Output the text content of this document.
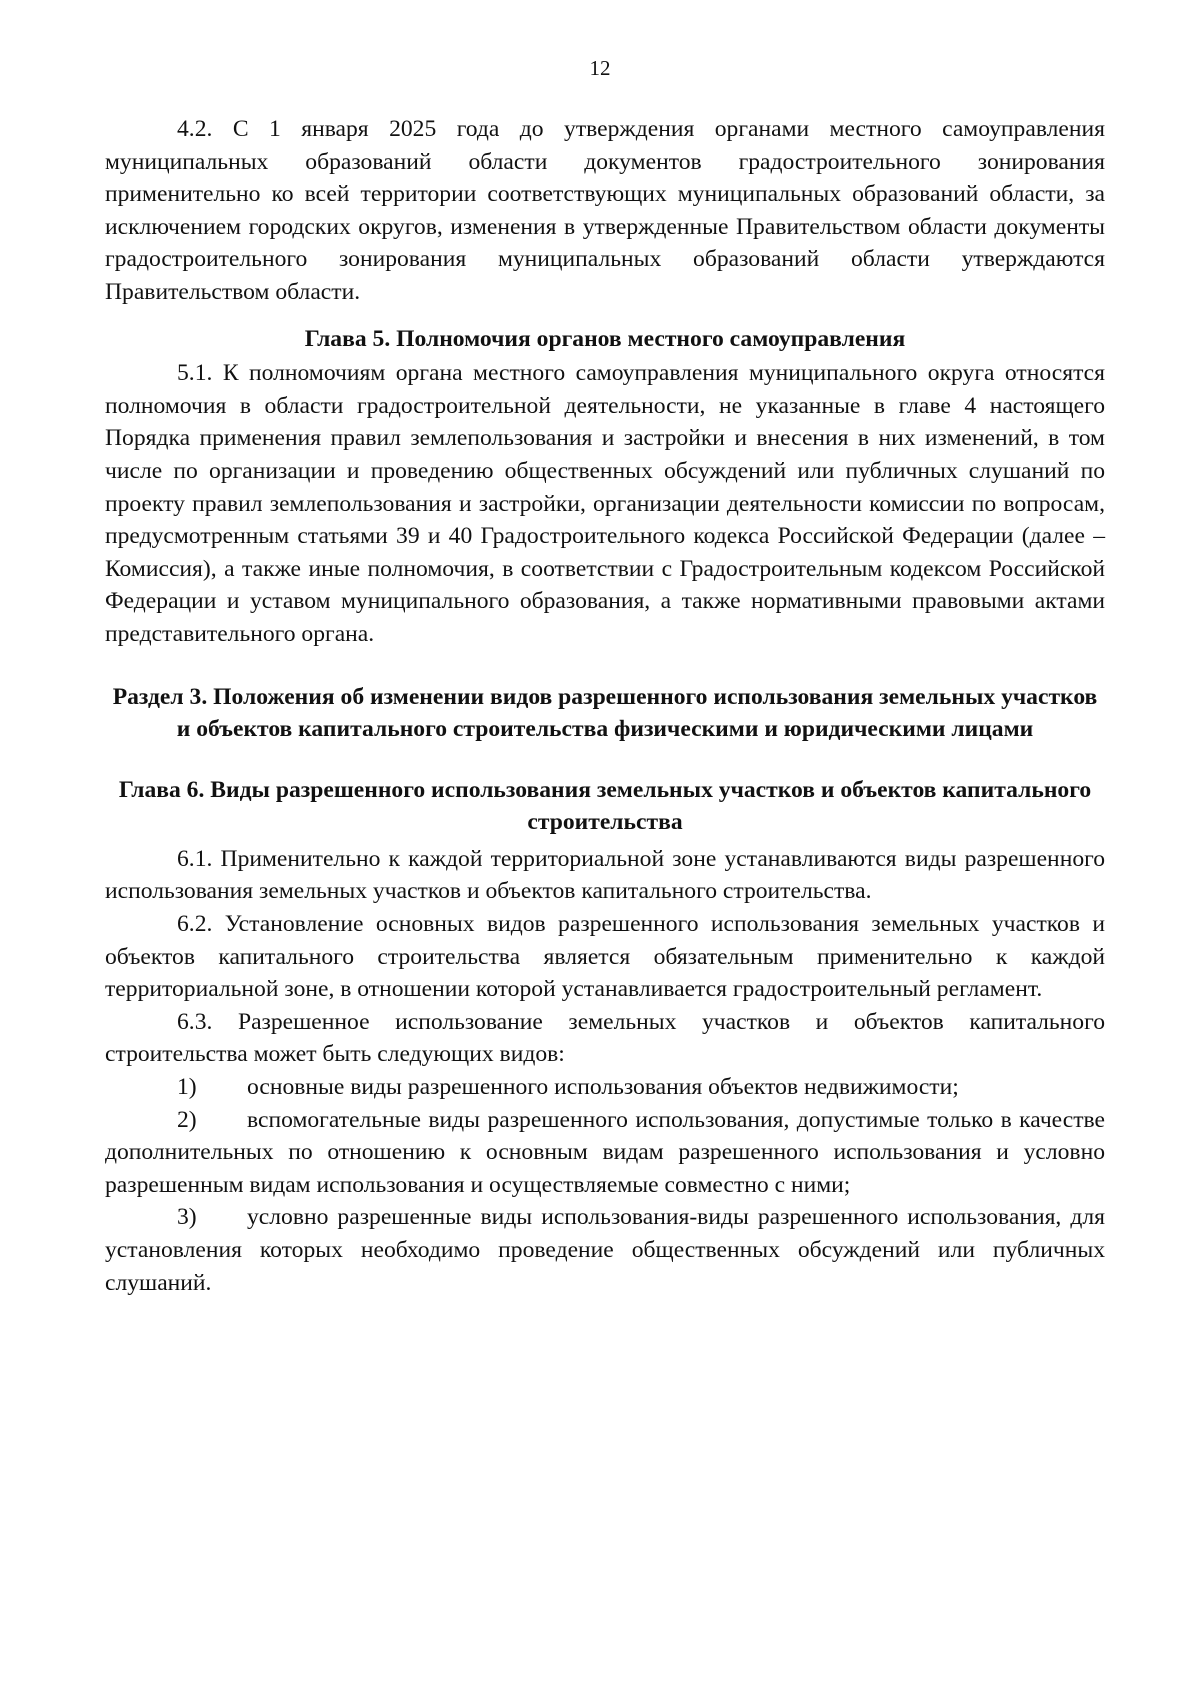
12

4.2. С 1 января 2025 года до утверждения органами местного самоуправления муниципальных образований области документов градостроительного зонирования применительно ко всей территории соответствующих муниципальных образований области, за исключением городских округов, изменения в утвержденные Правительством области документы градостроительного зонирования муниципальных образований области утверждаются Правительством области.

Глава 5. Полномочия органов местного самоуправления

5.1. К полномочиям органа местного самоуправления муниципального округа относятся полномочия в области градостроительной деятельности, не указанные в главе 4 настоящего Порядка применения правил землепользования и застройки и внесения в них изменений, в том числе по организации и проведению общественных обсуждений или публичных слушаний по проекту правил землепользования и застройки, организации деятельности комиссии по вопросам, предусмотренным статьями 39 и 40 Градостроительного кодекса Российской Федерации (далее – Комиссия), а также иные полномочия, в соответствии с Градостроительным кодексом Российской Федерации и уставом муниципального образования, а также нормативными правовыми актами представительного органа.

Раздел 3. Положения об изменении видов разрешенного использования земельных участков и объектов капитального строительства физическими и юридическими лицами
Глава 6. Виды разрешенного использования земельных участков и объектов капитального строительства

6.1. Применительно к каждой территориальной зоне устанавливаются виды разрешенного использования земельных участков и объектов капитального строительства.

6.2. Установление основных видов разрешенного использования земельных участков и объектов капитального строительства является обязательным применительно к каждой территориальной зоне, в отношении которой устанавливается градостроительный регламент.

6.3. Разрешенное использование земельных участков и объектов капитального строительства может быть следующих видов:

1) основные виды разрешенного использования объектов недвижимости;

2) вспомогательные виды разрешенного использования, допустимые только в качестве дополнительных по отношению к основным видам разрешенного использования и условно разрешенным видам использования и осуществляемые совместно с ними;

3) условно разрешенные виды использования-виды разрешенного использования, для установления которых необходимо проведение общественных обсуждений или публичных слушаний.
